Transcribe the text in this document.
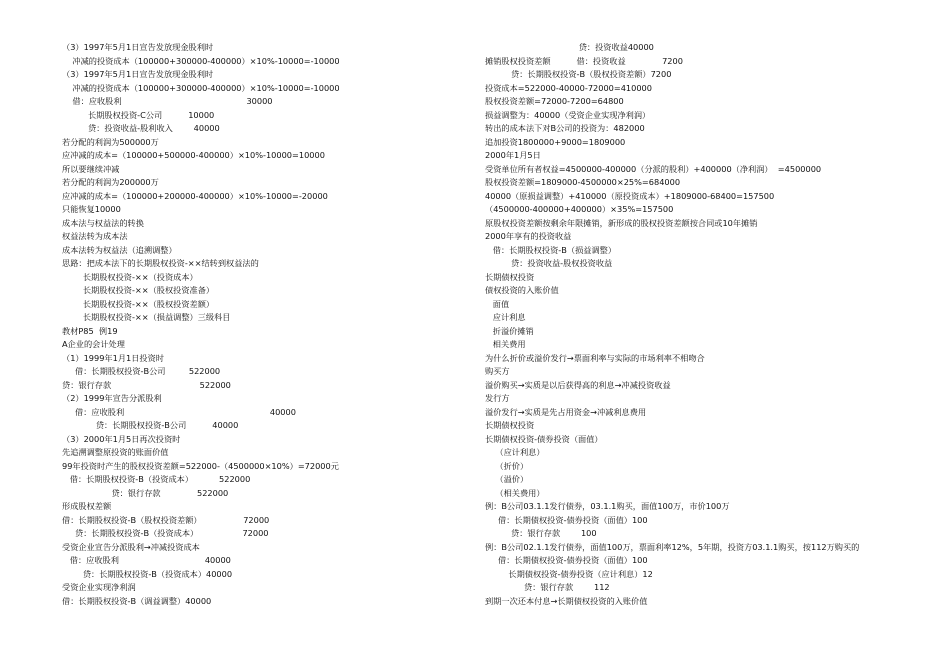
（3）1997年5月1日宣告发放现金股利时
冲减的投资成本（100000+300000-400000）×10%-10000=-10000
（3）1997年5月1日宣告发放现金股利时
冲减的投资成本（100000+300000-400000）×10%-10000=-10000
借：应收股利                                                30000
长期股权投资-C公司          10000
贷：投资收益-股利收入        40000
若分配的利润为500000万
应冲减的成本=（100000+500000-400000）×10%-10000=10000
所以要继续冲减
若分配的利润为200000万
应冲减的成本=（100000+200000-400000）×10%-10000=-20000
只能恢复10000
成本法与权益法的转换
权益法转为成本法
成本法转为权益法（追溯调整）
思路：把成本法下的长期股权投资-××结转到权益法的
长期股权投资-××（投资成本）
长期股权投资-××（股权投资准备）
长期股权投资-××（股权投资差额）
长期股权投资-××（损益调整）三级科目
教材P85  例19
A企业的会计处理
（1）1999年1月1日投资时
借：长期股权投资-B公司         522000
贷：银行存款                                  522000
（2）1999年宣告分派股利
借：应收股利                                                        40000
贷：长期股权投资-B公司          40000
（3）2000年1月5日再次投资时
先追溯调整原投资的账面价值
99年投资时产生的股权投资差额=522000-（4500000×10%）=72000元
借：长期股权投资-B（投资成本）          522000
贷：银行存款              522000
形成股权差额
借：长期股权投资-B（股权投资差额）                72000
贷：长期股权投资-B（投资成本）                 72000
受资企业宣告分派股利→冲减投资成本
借：应收股利                                 40000
贷：长期股权投资-B（投资成本）40000
受资企业实现净利润
借：长期股权投资-B（调益调整）40000
贷：投资收益40000
摊销股权投资差额          借：投资收益              7200
贷：长期股权投资-B（股权投资差额）7200
投资成本=522000-40000-72000=410000
股权投资差额=72000-7200=64800
损益调整为：40000（受资企业实现净利润）
转出的成本法下对B公司的投资为：482000
追加投资1800000+9000=1809000
2000年1月5日
受资单位所有者权益=4500000-400000（分派的股利）+400000（净利润）  =4500000
股权投资差额=1809000-4500000×25%=684000
40000（原损益调整）+410000（原投资成本）+1809000-68400=157500
（4500000-400000+400000）×35%=157500
原股权投资差额按剩余年限摊销，新形成的股权投资差额按合同或10年摊销
2000年享有的投资收益
借：长期股权投资-B（损益调整）
贷：投资收益-股权投资收益
长期债权投资
债权投资的入账价值
面值
应计利息
折溢价摊销
相关费用
为什么折价或溢价发行→票面利率与实际的市场利率不相吻合
购买方
溢价购买→实质是以后获得高的利息→冲减投资收益
发行方
溢价发行→实质是先占用资金→冲减利息费用
长期债权投资
长期债权投资-债券投资（面值）
（应计利息）
（折价）
（溢价）
（相关费用）
例：B公司03.1.1发行债券，03.1.1购买，面值100万，市价100万
借：长期债权投资-债券投资（面值）100
贷：银行存款        100
例：B公司02.1.1发行债券，面值100万，票面利率12%，5年期，投资方03.1.1购买，按112万购买的
借：长期债权投资-债券投资（面值）100
长期债权投资-债券投资（应计利息）12
贷：银行存款        112
到期一次还本付息→长期债权投资的入账价值
